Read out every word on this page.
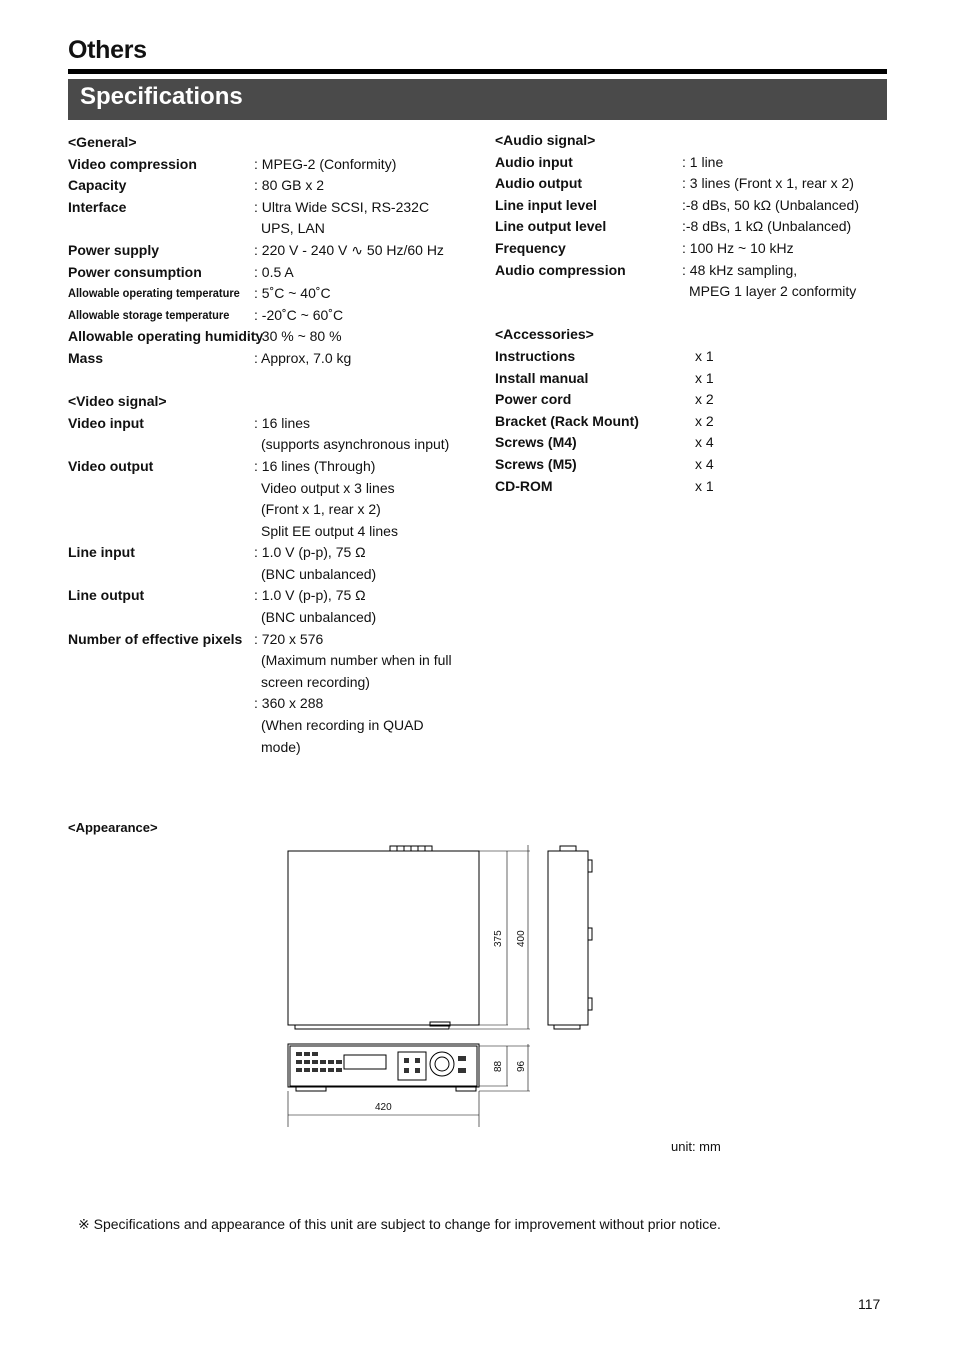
Others
Specifications
<General>
Video compression	: MPEG-2 (Conformity)
Capacity	: 80 GB x 2
Interface	: Ultra Wide SCSI, RS-232C
UPS, LAN
Power supply	: 220 V - 240 V ∿ 50 Hz/60 Hz
Power consumption	: 0.5 A
Allowable operating temperature : 5˚C ~ 40˚C
Allowable storage temperature : -20˚C ~ 60˚C
Allowable operating humidity
: 30 % ~ 80 %
Mass	: Approx, 7.0 kg
<Video signal>
Video input	: 16 lines
(supports asynchronous input)
Video output	: 16 lines (Through)
Video output x 3 lines
(Front x 1, rear x 2)
Split EE output 4 lines
Line input	: 1.0 V (p-p), 75 Ω
(BNC unbalanced)
Line output	: 1.0 V (p-p), 75 Ω
(BNC unbalanced)
Number of effective pixels : 720 x 576
(Maximum number when in full
screen recording)
: 360 x 288
(When recording in QUAD
mode)
<Audio signal>
Audio input	: 1 line
Audio output	: 3 lines (Front x 1, rear x 2)
Line input level	:-8 dBs, 50 kΩ (Unbalanced)
Line output level	:-8 dBs, 1 kΩ (Unbalanced)
Frequency	: 100 Hz ~ 10 kHz
Audio compression	: 48 kHz sampling,
MPEG 1 layer 2 conformity
<Accessories>
Instructions	x 1
Install manual	x 1
Power cord	x 2
Bracket (Rack Mount)	x 2
Screws (M4)	x 4
Screws (M5)	x 4
CD-ROM	x 1
<Appearance>
375 400
88 96
420
unit: mm
※ Specifications and appearance of this unit are subject to change for improvement without prior notice.
117
